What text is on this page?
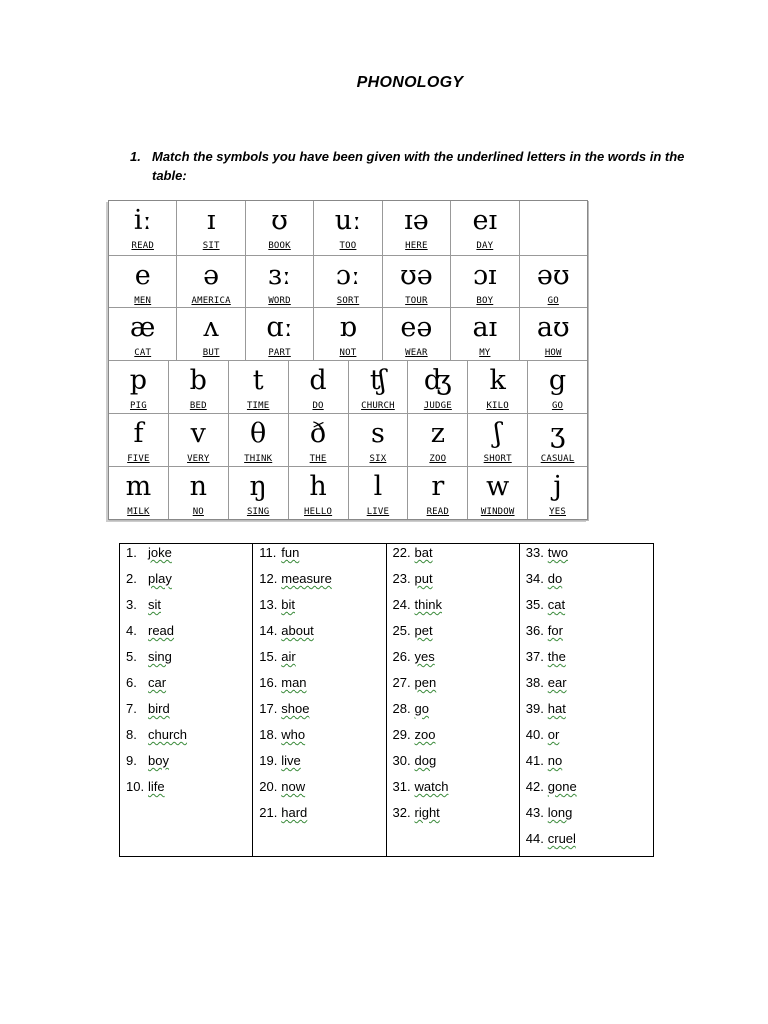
PHONOLOGY
1. Match the symbols you have been given with the underlined letters in the words in the table:
iː
READ
ɪ
SIT
ʊ
BOOK
uː
TOO
ɪə
HERE
eɪ
DAY
e
MEN
ə
AMERICA
ɜː
WORD
ɔː
SORT
ʊə
TOUR
ɔɪ
BOY
əʊ
GO
æ
CAT
ʌ
BUT
ɑː
PART
ɒ
NOT
eə
WEAR
aɪ
MY
aʊ
HOW
p
PIG
b
BED
t
TIME
d
DO
ʧ
CHURCH
ʤ
JUDGE
k
KILO
g
GO
f
FIVE
v
VERY
θ
THINK
ð
THE
s
SIX
z
ZOO
ʃ
SHORT
ʒ
CASUAL
m
MILK
n
NO
ŋ
SING
h
HELLO
l
LIVE
r
READ
w
WINDOW
j
YES
1. joke
2. play
3. sit
4. read
5. sing
6. car
7. bird
8. church
9. boy
10. life
11. fun
12. measure
13. bit
14. about
15. air
16. man
17. shoe
18. who
19. live
20. now
21. hard
22. bat
23. put
24. think
25. pet
26. yes
27. pen
28. go
29. zoo
30. dog
31. watch
32. right
33. two
34. do
35. cat
36. for
37. the
38. ear
39. hat
40. or
41. no
42. gone
43. long
44. cruel
